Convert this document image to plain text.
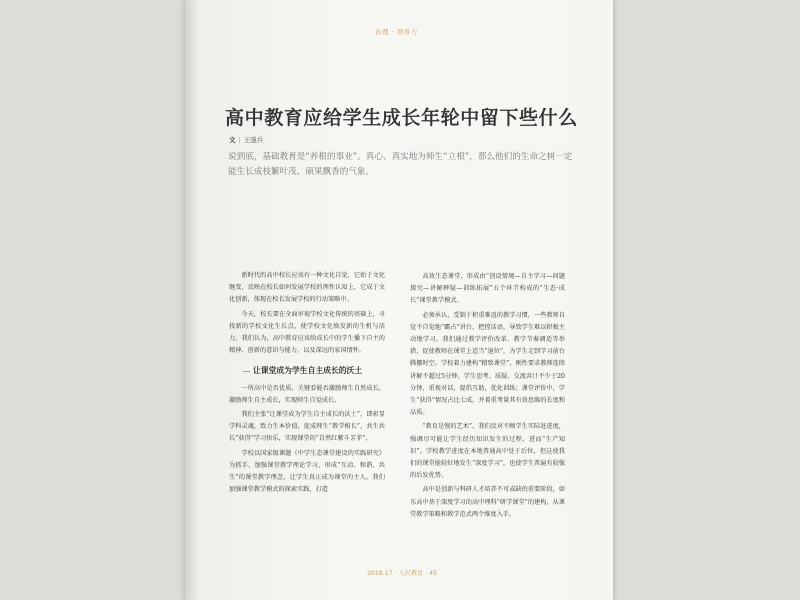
治理 · 领导力
高中教育应给学生成长年轮中留下些什么
文 | 王强兵
说到底，基础教育是“养根的事业”。真心、真实地为师生“立根”，那么他们的生命之树一定能生长成枝繁叶茂、硕果飘香的气象。

新时代的高中校长应该有一种文化自觉，它始于文化继变，反映在校长如何发展学校的理性认知上，它成于文化创新，体现在校长发展学校的行动策略中。

今天，校长要在全面审视学校文化传统的基础上，寻找新的学校文化生长点，使学校文化焕发新的生机与活力。我们认为，高中教育应该给成长中的学生播下自主的精神、创新的意识与能力，以及深远的家国情怀。

让课堂成为学生自主成长的沃土

一所高中是否优质，关键看能否激励师生自然成长，激励师生自主成长，实现师生自觉成长。

我们主张“让课堂成为学生自主成长的沃土”，即彰显学科灵魂，致力生本价值，促成师生“教学相长”，共生共长“获得”学习快乐，实现课堂的“自然红紫斗芳菲”。

学校以国家级课题《中学生态课堂建设的实践研究》为抓手，加强课堂教学理论学习，形成“互动、和谐、共生”的课堂教学理念，让学生真正成为课堂的主人。我们加强课堂教学模式的探索实践，打造

高效生态课堂，形成由“创设情境—自主学习—问题探究—讲解释疑—训练拓展”五个环节构成的“生态·成长”课堂教学模式。

必须承认，受制于积重难返的教学习惯，一些教师自觉不自觉地“霸占”讲台，把控话语，导致学生难以积极主动地学习。我们通过教学评价改革、教学节奏调适等举措，促使教师在课堂上适当“退位”，为学生走到学习前台腾挪时空。学校着力建构“精致课堂”，刚性要求教师连续讲解不超过5分钟，学生思考、质疑、交流共计不少于20分钟，重视对话，提倡互助，优化训练；课堂评价中，学生“获得”情况占比七成，并着重考量其有效思维的长度和品质。

“教育是慢的艺术”，我们反对不顾学生实际赶进度，强调尽可能让学生经历知识发生的过程，进而“生产知识”。学校教学进度在本地普通高中处于后位，但这使我们的课堂能较好地发生“深度学习”，也使学生普遍有较强的后发优势。

高中是创新与科研人才培养不可或缺的重要阶段，如东高中基于深度学习的高中理科“研学课堂”的建构，从课堂教学策略和教学范式两个维度入手，

2018.17 · 人民教育 · 45
